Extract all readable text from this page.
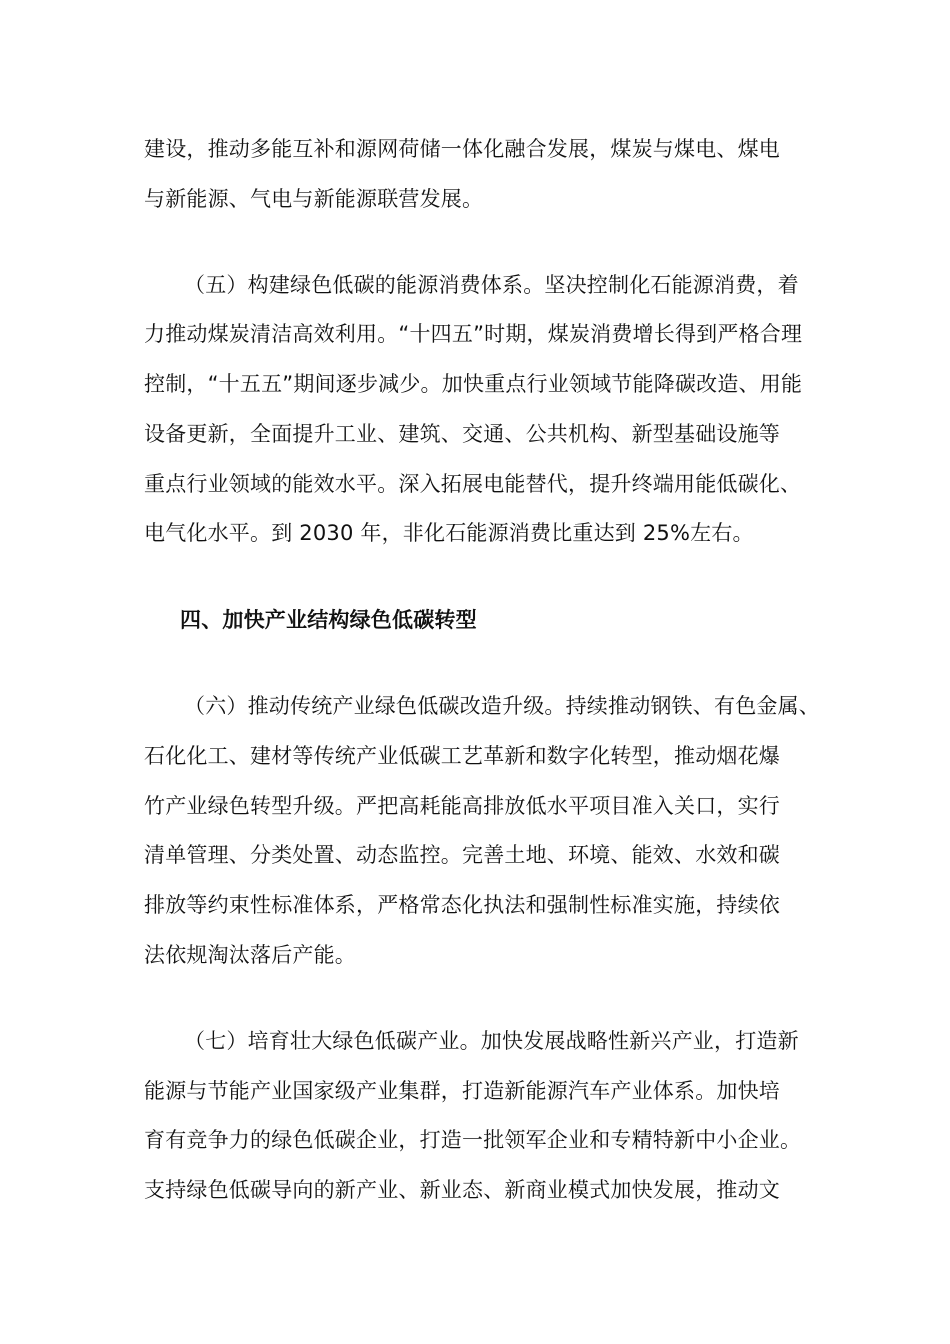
建设，推动多能互补和源网荷储一体化融合发展，煤炭与煤电、煤电
与新能源、气电与新能源联营发展。
（五）构建绿色低碳的能源消费体系。坚决控制化石能源消费，着
力推动煤炭清洁高效利用。“十四五”时期，煤炭消费增长得到严格合理
控制，“十五五”期间逐步减少。加快重点行业领域节能降碳改造、用能
设备更新，全面提升工业、建筑、交通、公共机构、新型基础设施等
重点行业领域的能效水平。深入拓展电能替代，提升终端用能低碳化、
电气化水平。到 2030 年，非化石能源消费比重达到 25%左右。
四、加快产业结构绿色低碳转型
（六）推动传统产业绿色低碳改造升级。持续推动钢铁、有色金属、
石化化工、建材等传统产业低碳工艺革新和数字化转型，推动烟花爆
竹产业绿色转型升级。严把高耗能高排放低水平项目准入关口，实行
清单管理、分类处置、动态监控。完善土地、环境、能效、水效和碳
排放等约束性标准体系，严格常态化执法和强制性标准实施，持续依
法依规淘汰落后产能。
（七）培育壮大绿色低碳产业。加快发展战略性新兴产业，打造新
能源与节能产业国家级产业集群，打造新能源汽车产业体系。加快培
育有竞争力的绿色低碳企业，打造一批领军企业和专精特新中小企业。
支持绿色低碳导向的新产业、新业态、新商业模式加快发展，推动文
